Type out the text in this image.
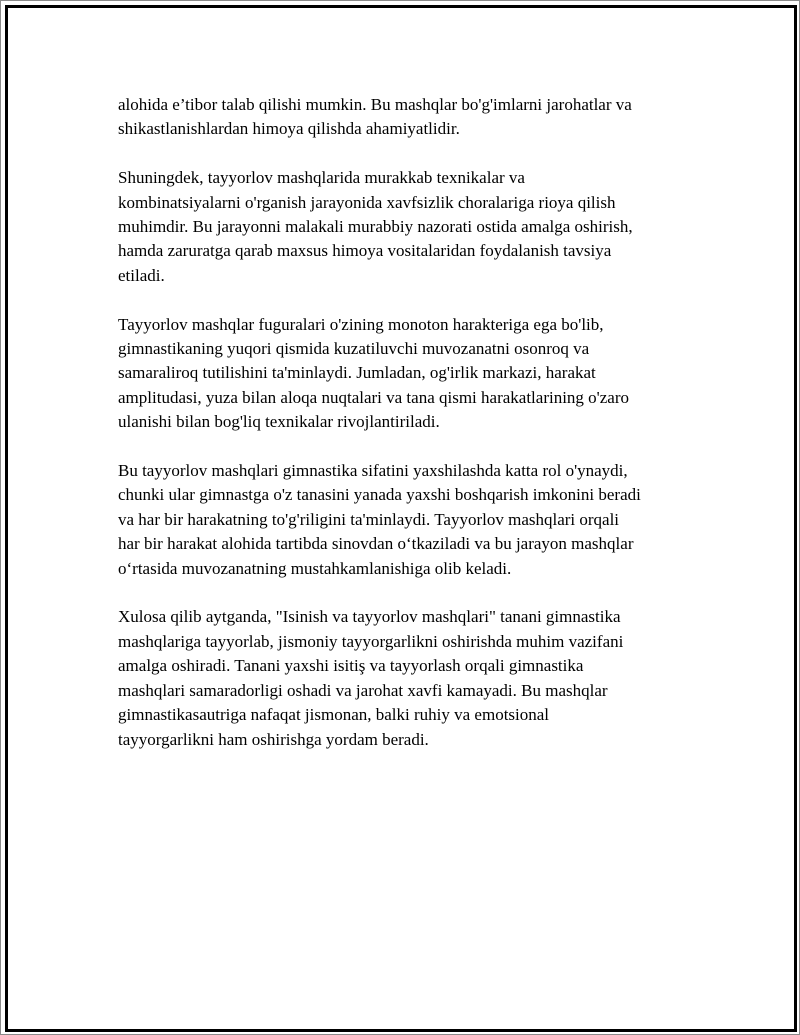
alohida e’tibor talab qilishi mumkin. Bu mashqlar bo'g'imlarni jarohatlar va
shikastlanishlardan himoya qilishda ahamiyatlidir.

Shuningdek, tayyorlov mashqlarida murakkab texnikalar va
kombinatsiyalarni o'rganish jarayonida xavfsizlik choralariga rioya qilish
muhimdir. Bu jarayonni malakali murabbiy nazorati ostida amalga oshirish,
hamda zaruratga qarab maxsus himoya vositalaridan foydalanish tavsiya
etiladi.

Tayyorlov mashqlar fuguralari o'zining monoton harakteriga ega bo'lib,
gimnastikaning yuqori qismida kuzatiluvchi muvozanatni osonroq va
samaraliroq tutilishini ta'minlaydi. Jumladan, og'irlik markazi, harakat
amplitudasi, yuza bilan aloqa nuqtalari va tana qismi harakatlarining o'zaro
ulanishi bilan bog'liq texnikalar rivojlantiriladi.

Bu tayyorlov mashqlari gimnastika sifatini yaxshilashda katta rol o'ynaydi,
chunki ular gimnastga o'z tanasini yanada yaxshi boshqarish imkonini beradi
va har bir harakatning to'g'riligini ta'minlaydi. Tayyorlov mashqlari orqali
har bir harakat alohida tartibda sinovdan o‘tkaziladi va bu jarayon mashqlar
o‘rtasida muvozanatning mustahkamlanishiga olib keladi.

Xulosa qilib aytganda, "Isinish va tayyorlov mashqlari" tanani gimnastika
mashqlariga tayyorlab, jismoniy tayyorgarlikni oshirishda muhim vazifani
amalga oshiradi. Tanani yaxshi isitiş va tayyorlash orqali gimnastika
mashqlari samaradorligi oshadi va jarohat xavfi kamayadi. Bu mashqlar
gimnastikasautriga nafaqat jismonan, balki ruhiy va emotsional
tayyorgarlikni ham oshirishga yordam beradi.
